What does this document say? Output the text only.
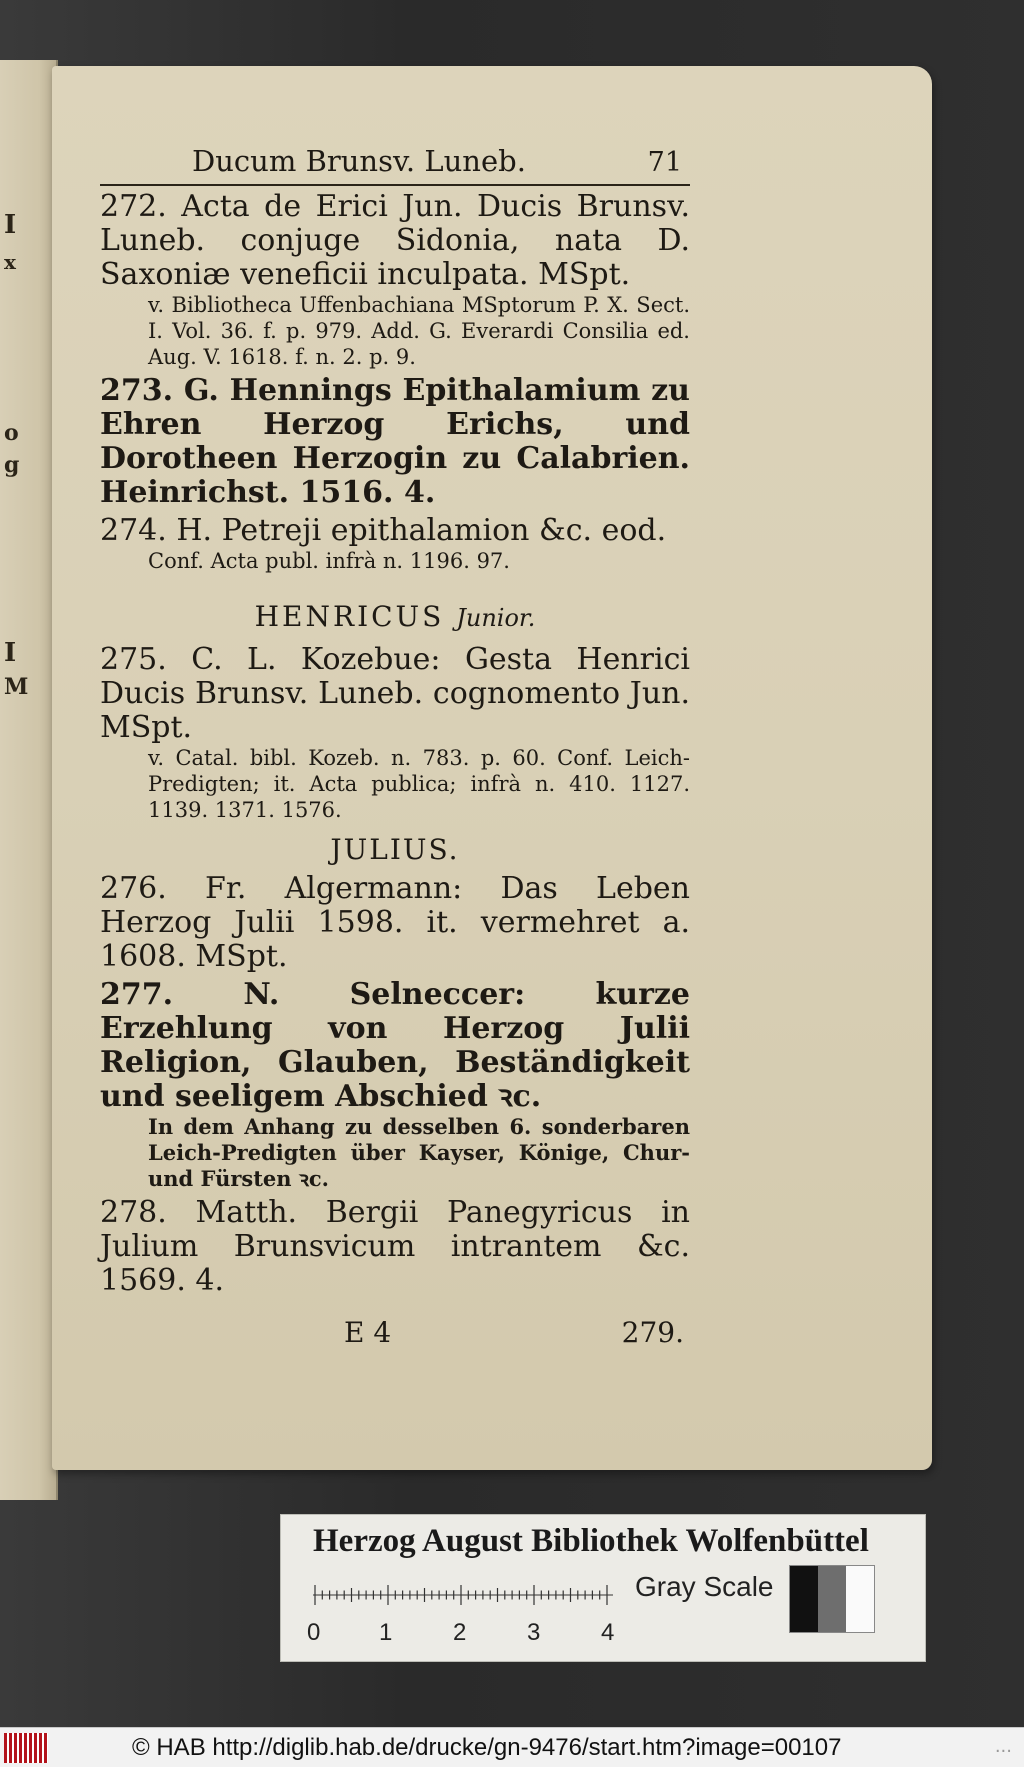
I
x
o
g
I
M
Ducum Brunsv. Luneb.	71
272. Acta de Erici Jun. Ducis Brunsv. Luneb. conjuge Sidonia, nata D. Saxoniæ veneficii inculpata. MSpt.
v. Bibliotheca Uffenbachiana MSptorum P. X. Sect. I. Vol. 36. f. p. 979. Add. G. Everardi Consilia ed. Aug. V. 1618. f. n. 2. p. 9.
273. G. Hennings Epithalamium zu Ehren Herzog Erichs, und Dorotheen Herzogin zu Calabrien. Heinrichst. 1516. 4.
274. H. Petreji epithalamion &c. eod.
Conf. Acta publ. infrà n. 1196. 97.
HENRICUS Junior.
275. C. L. Kozebue: Gesta Henrici Ducis Brunsv. Luneb. cognomento Jun. MSpt.
v. Catal. bibl. Kozeb. n. 783. p. 60. Conf. Leich-Predigten; it. Acta publica; infrà n. 410. 1127. 1139. 1371. 1576.
JULIUS.
276. Fr. Algermann: Das Leben Herzog Julii 1598. it. vermehret a. 1608. MSpt.
277. N. Selneccer: kurze Erzehlung von Herzog Julii Religion, Glauben, Beständigkeit und seeligem Abschied ꝛc.
In dem Anhang zu desselben 6. sonderbaren Leich-Predigten über Kayser, Könige, Chur- und Fürsten ꝛc.
278. Matth. Bergii Panegyricus in Julium Brunsvicum intrantem &c. 1569. 4.
E 4	279.
Herzog August Bibliothek Wolfenbüttel
0 1	2	3	4
Gray Scale
© HAB http://diglib.hab.de/drucke/gn-9476/start.htm?image=00107	...
